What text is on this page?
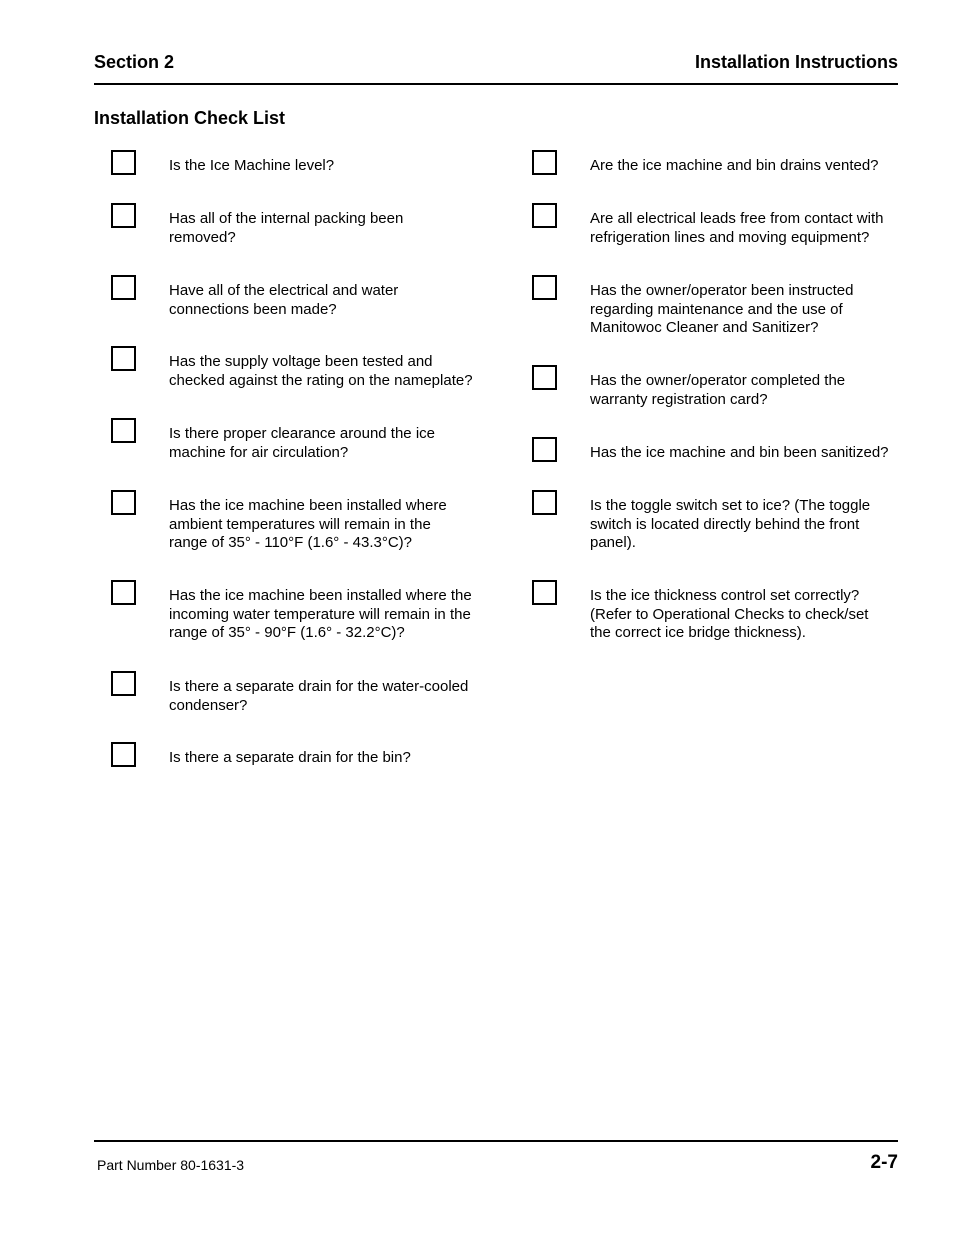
Section 2	Installation Instructions
Installation Check List
Is the Ice Machine level?
Has all of the internal packing been
removed?
Have all of the electrical and water
connections been made?
Has the supply voltage been tested and
checked against the rating on the nameplate?
Is there proper clearance around the ice
machine for air circulation?
Has the ice machine been installed where
ambient temperatures will remain in the
range of 35° - 110°F (1.6° - 43.3°C)?
Has the ice machine been installed where the
incoming water temperature will remain in the
range of 35° - 90°F (1.6° - 32.2°C)?
Is there a separate drain for the water-cooled
condenser?
Is there a separate drain for the bin?
Are the ice machine and bin drains vented?
Are all electrical leads free from contact with
refrigeration lines and moving equipment?
Has the owner/operator been instructed
regarding maintenance and the use of
Manitowoc Cleaner and Sanitizer?
Has the owner/operator completed the
warranty registration card?
Has the ice machine and bin been sanitized?
Is the toggle switch set to ice? (The toggle
switch is located directly behind the front
panel).
Is the ice thickness control set correctly?
(Refer to Operational Checks to check/set
the correct ice bridge thickness).
Part Number 80-1631-3	2-7
